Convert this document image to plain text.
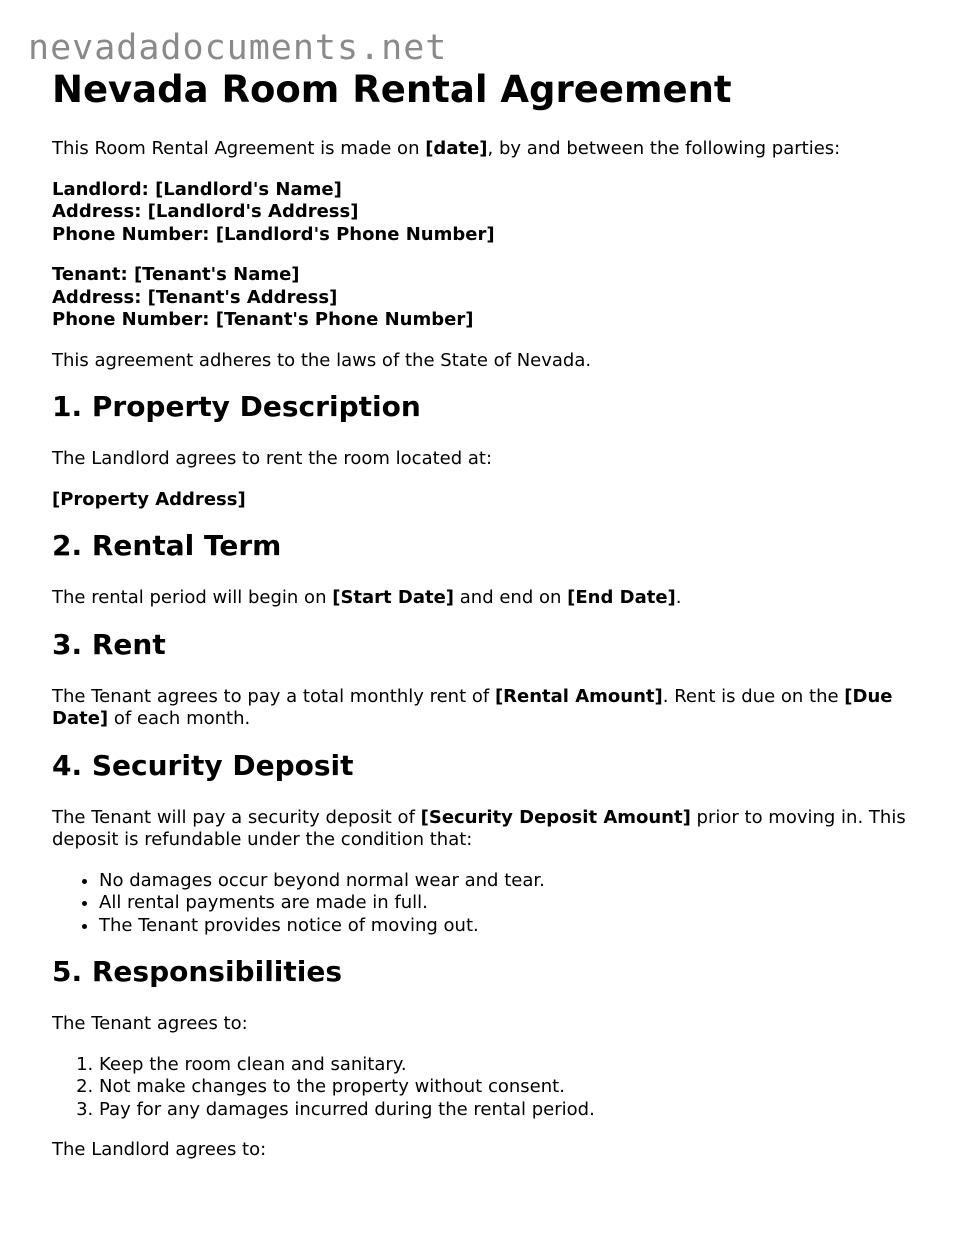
nevadadocuments.net
Nevada Room Rental Agreement

This Room Rental Agreement is made on [date], by and between the following parties:

Landlord: [Landlord's Name]
Address: [Landlord's Address]
Phone Number: [Landlord's Phone Number]
Tenant: [Tenant's Name]
Address: [Tenant's Address]
Phone Number: [Tenant's Phone Number]

This agreement adheres to the laws of the State of Nevada.

1. Property Description

The Landlord agrees to rent the room located at:

[Property Address]

2. Rental Term

The rental period will begin on [Start Date] and end on [End Date].

3. Rent

The Tenant agrees to pay a total monthly rent of [Rental Amount]. Rent is due on the [Due Date] of each month.

4. Security Deposit

The Tenant will pay a security deposit of [Security Deposit Amount] prior to moving in. This deposit is refundable under the condition that:

• No damages occur beyond normal wear and tear.
• All rental payments are made in full.
• The Tenant provides notice of moving out.
5. Responsibilities

The Tenant agrees to:

1. Keep the room clean and sanitary.
2. Not make changes to the property without consent.
3. Pay for any damages incurred during the rental period.

The Landlord agrees to:
